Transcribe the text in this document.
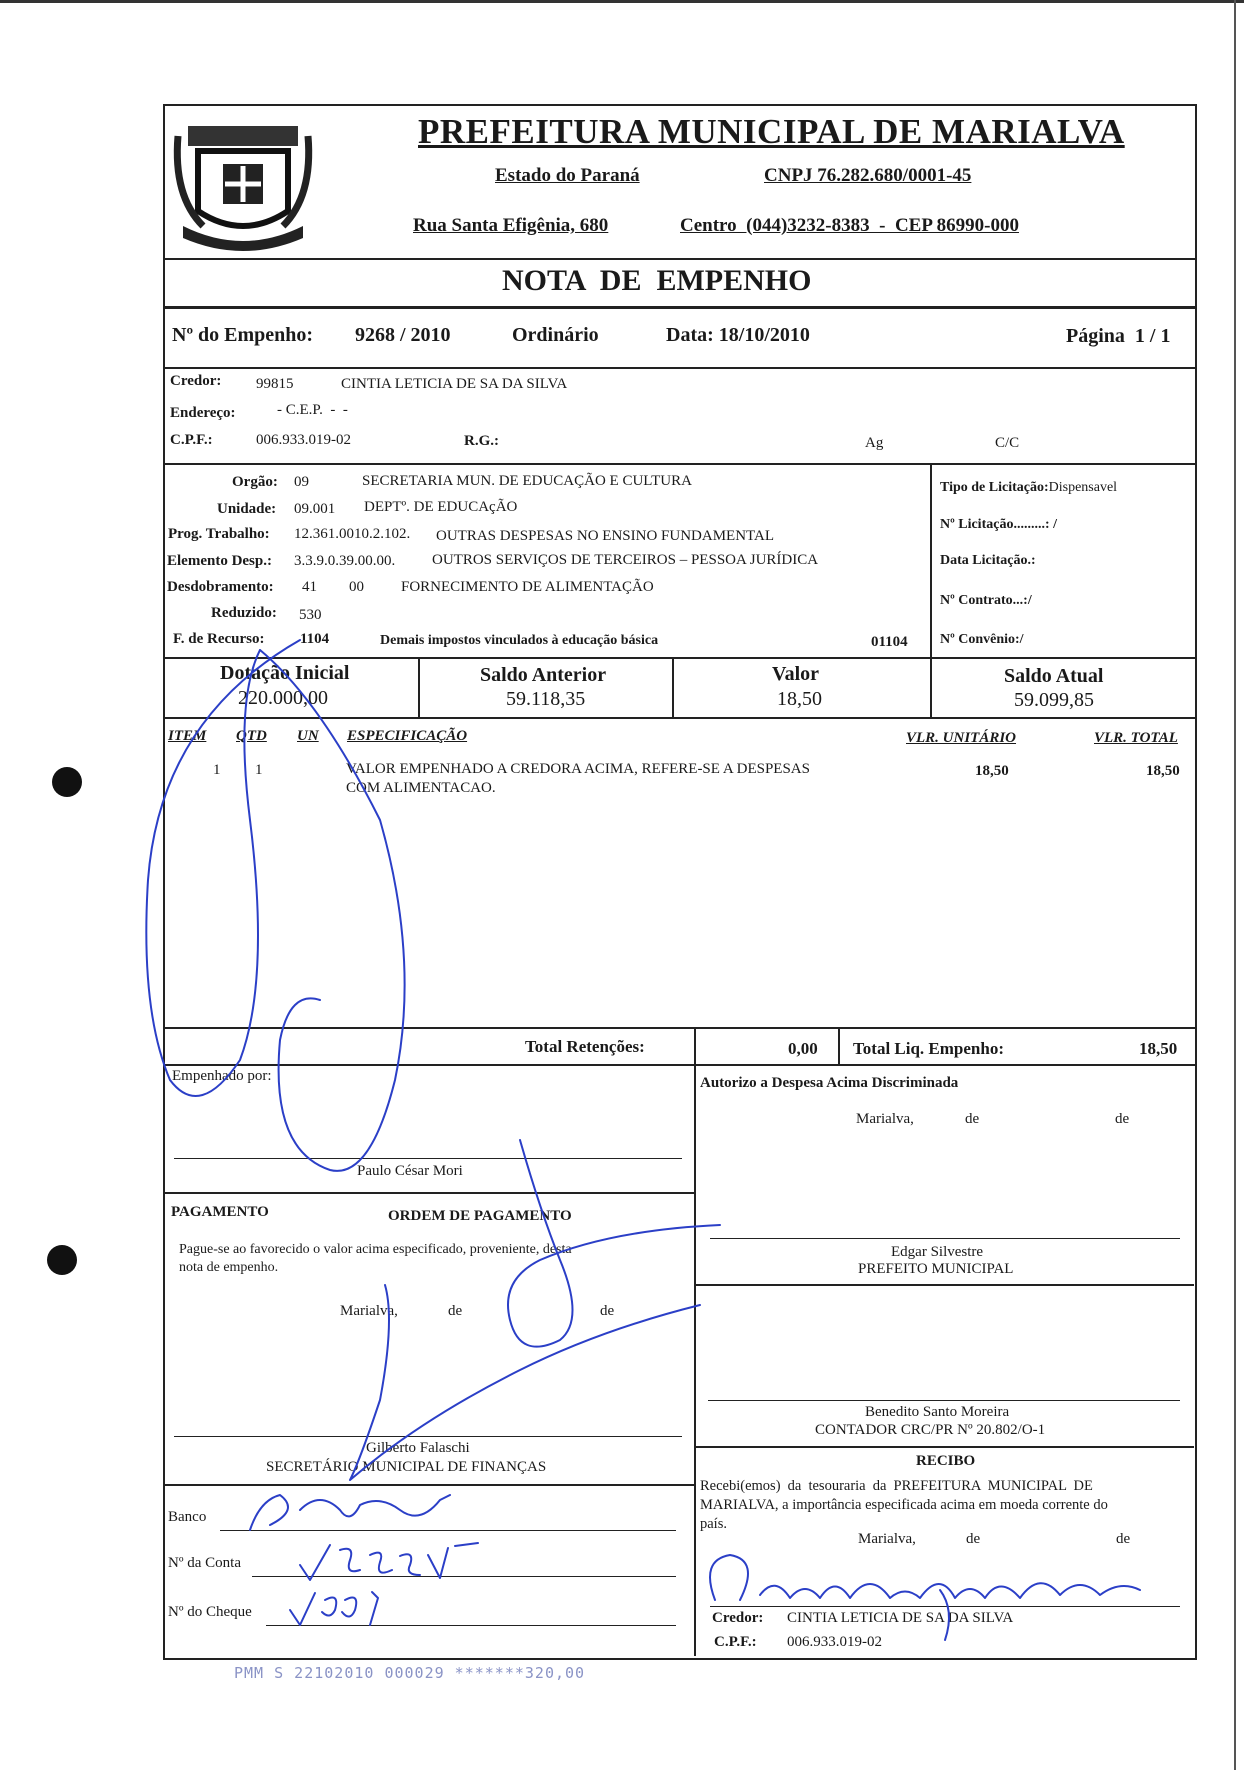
PREFEITURA MUNICIPAL DE MARIALVA
Estado do Paraná	CNPJ 76.282.680/0001-45
Rua Santa Efigênia, 680	Centro  (044)3232-8383  -  CEP 86990-000
NOTA  DE  EMPENHO
Nº do Empenho: 9268 / 2010	Ordinário	Data: 18/10/2010	Página  1 / 1
Credor: 99815	CINTIA LETICIA DE SA DA SILVA
Endereço:	- C.E.P.  -  -
C.P.F.:	006.933.019-02	R.G.:	Ag	C/C
Orgão: 09	SECRETARIA MUN. DE EDUCAÇÃO E CULTURA
Unidade: 09.001 DEPTº. DE EDUCAçÃO
Prog. Trabalho: 12.361.0010.2.102. OUTRAS DESPESAS NO ENSINO FUNDAMENTAL
Elemento Desp.: 3.3.9.0.39.00.00. OUTROS SERVIÇOS DE TERCEIROS – PESSOA JURÍDICA
Desdobramento: 41 00 FORNECIMENTO DE ALIMENTAÇÃO
Reduzido: 530
F. de Recurso: 1104	Demais impostos vinculados à educação básica	01104
Tipo de Licitação:Dispensavel
Nº Licitação.........: /
Data Licitação.:
Nº Contrato...:/
Nº Convênio:/
Dotação Inicial
220.000,00
Saldo Anterior
59.118,35
Valor
18,50
Saldo Atual
59.099,85
ITEM QTD UN ESPECIFICAÇÃO	VLR. UNITÁRIO	VLR. TOTAL
1 1	VALOR EMPENHADO A CREDORA ACIMA, REFERE-SE A DESPESAS
COM ALIMENTACAO.
18,50	18,50
Total Retenções:	0,00 Total Liq. Empenho:	18,50
Empenhado por:
Paulo César Mori
Autorizo a Despesa Acima Discriminada
Marialva,	de	de
Edgar Silvestre
PREFEITO MUNICIPAL
Benedito Santo Moreira
CONTADOR CRC/PR Nº 20.802/O-1
PAGAMENTO	ORDEM DE PAGAMENTO
Pague-se ao favorecido o valor acima especificado, proveniente, desta
nota de empenho.
Marialva,	de	de
Gilberto Falaschi
SECRETÁRIO MUNICIPAL DE FINANÇAS
Banco
Nº da Conta
Nº do Cheque
RECIBO
Recebi(emos) da tesouraria da PREFEITURA MUNICIPAL DE
MARIALVA, a importância especificada acima em moeda corrente do
país.
Marialva,	de	de
Credor: CINTIA LETICIA DE SA DA SILVA
C.P.F.: 006.933.019-02
PMM S 22102010 000029 *******320,00
